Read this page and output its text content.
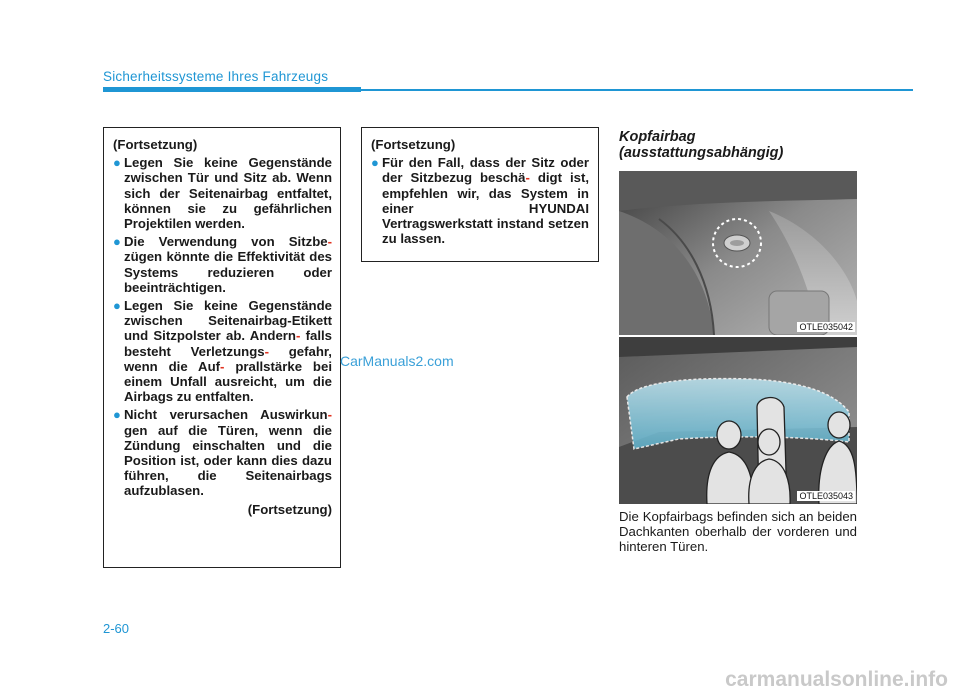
Sicherheitssysteme Ihres Fahrzeugs
(Fortsetzung)
● Legen Sie keine Gegenstände zwischen Tür und Sitz ab. Wenn sich der Seitenairbag entfaltet, können sie zu gefährlichen Projektilen werden.
● Die Verwendung von Sitzbe- zügen könnte die Effektivität des Systems reduzieren oder beeinträchtigen.
● Legen Sie keine Gegenstände zwischen Seitenairbag-Etikett und Sitzpolster ab. Andern- falls besteht Verletzungs- gefahr, wenn die Auf- prallstärke bei einem Unfall ausreicht, um die Airbags zu entfalten.
● Nicht verursachen Auswirkun- gen auf die Türen, wenn die Zündung einschalten und die Position ist, oder kann dies dazu führen, die Seitenairbags aufzublasen.
(Fortsetzung)
(Fortsetzung)
● Für den Fall, dass der Sitz oder der Sitzbezug beschä- digt ist, empfehlen wir, das System in einer HYUNDAI Vertragswerkstatt instand setzen zu lassen.
Kopfairbag
(ausstattungsabhängig)
OTLE035042
OTLE035043
Die Kopfairbags befinden sich an beiden Dachkanten oberhalb der vorderen und hinteren Türen.
CarManuals2.com
2-60
carmanualsonline.info
